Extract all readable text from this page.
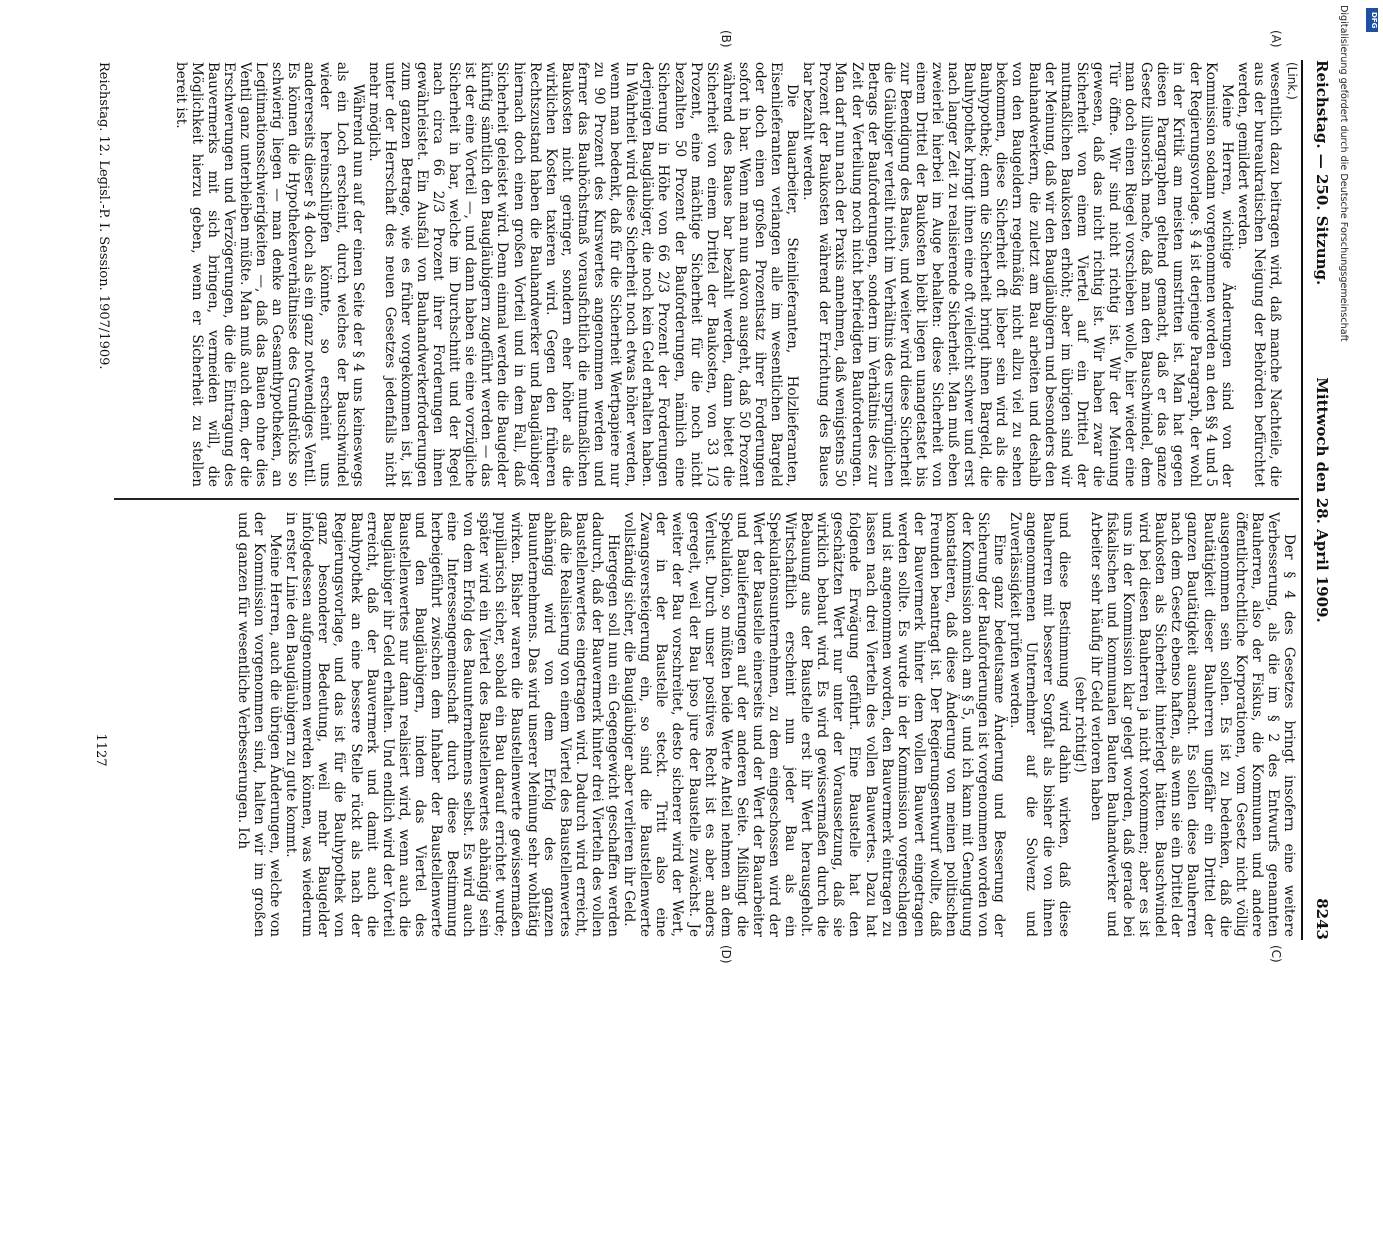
Reichstag. — 250. Sitzung.
Mittwoch den 28. April 1909.
8243
(Link.)
(A)
(B)
(C)
(D)

wesentlich dazu beitragen wird, daß manche Nachteile, die aus der bureaukratischen Neigung der Behörden befürchtet werden, gemildert werden.

Meine Herren, wichtige Änderungen sind von der Kommission sodann vorgenommen worden an den §§ 4 und 5 der Regierungsvorlage. § 4 ist derjenige Paragraph, der wohl in der Kritik am meisten umstritten ist. Man hat gegen diesen Paragraphen geltend gemacht, daß er das ganze Gesetz illusorisch mache, daß man den Bauschwindel, dem man doch einen Riegel vorschieben wolle, hier wieder eine Tür öffne. Wir sind nicht richtig ist. Wir der Meinung gewesen, daß das nicht richtig ist. Wir haben zwar die Sicherheit von einem Viertel auf ein Drittel der mutmaßlichen Baukosten erhöht; aber im übrigen sind wir der Meinung, daß wir den Baugläubigern und besonders den Bauhandwerkern, die zuletzt am Bau arbeiten und deshalb von den Baugeldern regelmäßig nicht allzu viel zu sehen bekommen, diese Sicherheit oft lieber sein wird als die Bauhypothek; denn die Sicherheit bringt ihnen Bargeld, die Bauhypothek bringt ihnen eine oft vielleicht schwer und erst nach langer Zeit zu realisierende Sicherheit. Man muß eben zweierlei hierbei im Auge behalten: diese Sicherheit von einem Drittel der Baukosten bleibt liegen unangetastet bis zur Beendigung des Baues, und weiter wird diese Sicherheit die Gläubiger verteilt nicht im Verhältnis des ursprünglichen Betrags der Bauforderungen, sondern im Verhältnis des zur Zeit der Verteilung noch nicht befriedigten Bauforderungen. Man darf nun nach der Praxis annehmen, daß wenigstens 50 Prozent der Baukosten während der Errichtung des Baues bar bezahlt werden.

Die Bauarbeiter, Steinlieferanten, Holzlieferanten, Eisenlieferanten verlangen alle im wesentlichen Bargeld oder doch einen großen Prozentsatz ihrer Forderungen sofort in bar. Wenn man nun davon ausgeht, daß 50 Prozent während des Baues bar bezahlt werden, dann bietet die Sicherheit von einem Drittel der Baukosten, von 33 1/3 Prozent, eine mächtige Sicherheit für die noch nicht bezahlten 50 Prozent der Bauforderungen, nämlich eine Sicherung in Höhe von 66 2/3 Prozent der Forderungen derjenigen Baugläubiger, die noch kein Geld erhalten haben. In Wahrheit wird diese Sicherheit noch etwas höher werden, wenn man bedenkt, daß für die Sicherheit Wertpapiere nur zu 90 Prozent des Kurswertes angenommen werden und ferner das Bauhöchstmaß vorausfichtlich die mutmaßlichen Baukosten nicht geringer, sondern eher höher als die wirklichen Kosten taxieren wird. Gegen den früheren Rechtszustand haben die Bauhandwerker und Baugläubiger hiernach doch einen großen Vorteil und in dem Fall, daß Sicherheit geleistet wird. Denn einmal werden die Baugelder künftig sämtlich den Baugläubigern zugeführt werden — das ist der eine Vorteil —, und dann haben sie eine vorzügliche Sicherheit in bar, welche im Durchschnitt und der Regel nach circa 66 2/3 Prozent ihrer Forderungen ihnen gewährleistet. Ein Ausfall von Bauhandwerkerforderungen zum ganzen Betrage, wie es früher vorgekommen ist, ist unter der Herrschaft des neuen Gesetzes jedenfalls nicht mehr möglich.

Während nun auf der einen Seite der § 4 uns keineswegs als ein Loch erscheint, durch welches der Bauschwindel wieder hereinschlüpfen könnte, so erscheint uns andererseits dieser § 4 doch als ein ganz notwendiges Ventil. Es können die Hypothekenverhältnisse des Grundstücks so schwierig liegen — man denke an Gesamthypotheken, an Legitimationsschwierigkeiten —, daß das Bauen ohne dies Ventil ganz unterbleiben müßte. Man muß auch dem, der die Erschwerungen und Verzögerungen, die die Eintragung des Bauvermerks mit sich bringen, vermeiden will, die Möglichkeit hierzu geben, wenn er Sicherheit zu stellen bereit ist.

Der § 4 des Gesetzes bringt insofern eine weitere Verbesserung, als die im § 2 des Entwurfs genannten Bauherren, also der Fiskus, die Kommunen und andere öffentlichrechtliche Korporationen, vom Gesetz nicht völlig ausgenommen sein sollen. Es ist zu bedenken, daß die Bautätigkeit dieser Bauherren ungefähr ein Drittel der ganzen Bautätigkeit ausmacht. Es sollen diese Bauherren nach dem Gesetz ebenso haften, als wenn sie ein Drittel der Baukosten als Sicherheit hinterlegt hätten. Bauschwindel wird bei diesen Bauherren ja nicht vorkommen; aber es ist uns in der Kommission klar gelegt worden, daß gerade bei fiskalischen und kommunalen Bauten Bauhandwerker und Arbeiter sehr häufig ihr Geld verloren haben

(sehr richtig!)

und diese Bestimmung wird dahin wirken, daß diese Bauherren mit besserer Sorgfalt als bisher die von ihnen angenommenen Unternehmer auf die Solvenz und Zuverlässigkeit prüfen werden.

Eine ganz bedeutsame Änderung und Besserung der Sicherung der Bauforderungen ist vorgenommen worden von der Kommission auch am § 5, und ich kann mit Genugtuung konstatieren, daß diese Änderung von meinen politischen Freunden beantragt ist. Der Regierungsentwurf wollte, daß der Bauvermerk hinter dem vollen Bauwert eingetragen werden sollte. Es wurde in der Kommission vorgeschlagen und ist angenommen worden, den Bauvermerk eintragen zu lassen nach drei Vierteln des vollen Bauwertes. Dazu hat folgende Erwägung geführt. Eine Baustelle hat den geschätzten Wert nur unter der Voraussetzung, daß sie wirklich bebaut wird. Es wird gewissermaßen durch die Bebauung aus der Baustelle erst ihr Wert herausgeholt. Wirtschaftlich erscheint nun jeder Bau als ein Spekulationsunternehmen, zu dem eingeschossen wird der Wert der Baustelle einerseits und der Wert der Bauarbeiter und Baulieferungen auf der anderen Seite. Mißlingt die Spekulation, so müßten beide Werte Anteil nehmen an dem Verlust. Durch unser positives Recht ist es aber anders geregelt, weil der Bau ipso jure der Baustelle zuwächst. Je weiter der Bau vorschreitet, desto sicherer wird der Wert, der in der Baustelle steckt. Tritt also eine Zwangsversteigerung ein, so sind die Baustellenwerte vollständig sicher, die Baugläubiger aber verlieren ihr Geld.

Hiergegen soll nun ein Gegengewicht geschaffen werden dadurch, daß der Bauvermerk hinter drei Vierteln des vollen Baustellenwertes eingetragen wird. Dadurch wird erreicht, daß die Realisierung von einem Viertel des Baustellenwertes abhängig wird von dem Erfolg des ganzen Bauunternehmens. Das wird unserer Meinung sehr wohltätig wirken. Bisher waren die Baustellenwerte gewissermaßen pupillarisch sicher, sobald ein Bau darauf errichtet wurde; später wird ein Viertel des Baustellenwertes abhängig sein von dem Erfolg des Bauunternehmens selbst. Es wird auch eine Interessengemeinschaft durch diese Bestimmung herbeigeführt zwischen dem Inhaber der Baustellenwerte und den Baugläubigern, indem das Viertel des Baustellenwertes nur dann realisiert wird, wenn auch die Baugläubiger ihr Geld erhalten. Und endlich wird der Vorteil erreicht, daß der Bauvermerk und damit auch die Bauhypothek an eine bessere Stelle rückt als nach der Regierungsvorlage, und das ist für die Bauhypothek von ganz besonderer Bedeutung, weil mehr Baugelder infolgedessen aufgenommen werden können, was wiederum in erster Linie den Baugläubigern zu gute kommt.

Meine Herren, auch die übrigen Änderungen, welche von der Kommission vorgenommen sind, halten wir im großen und ganzen für wesentliche Verbesserungen. Ich

Reichstag. 12. Legisl.-P. I. Session. 1907/1909.
1127
Digitalisierung gefördert durch die Deutsche Forschungsgemeinschaft	DFG
